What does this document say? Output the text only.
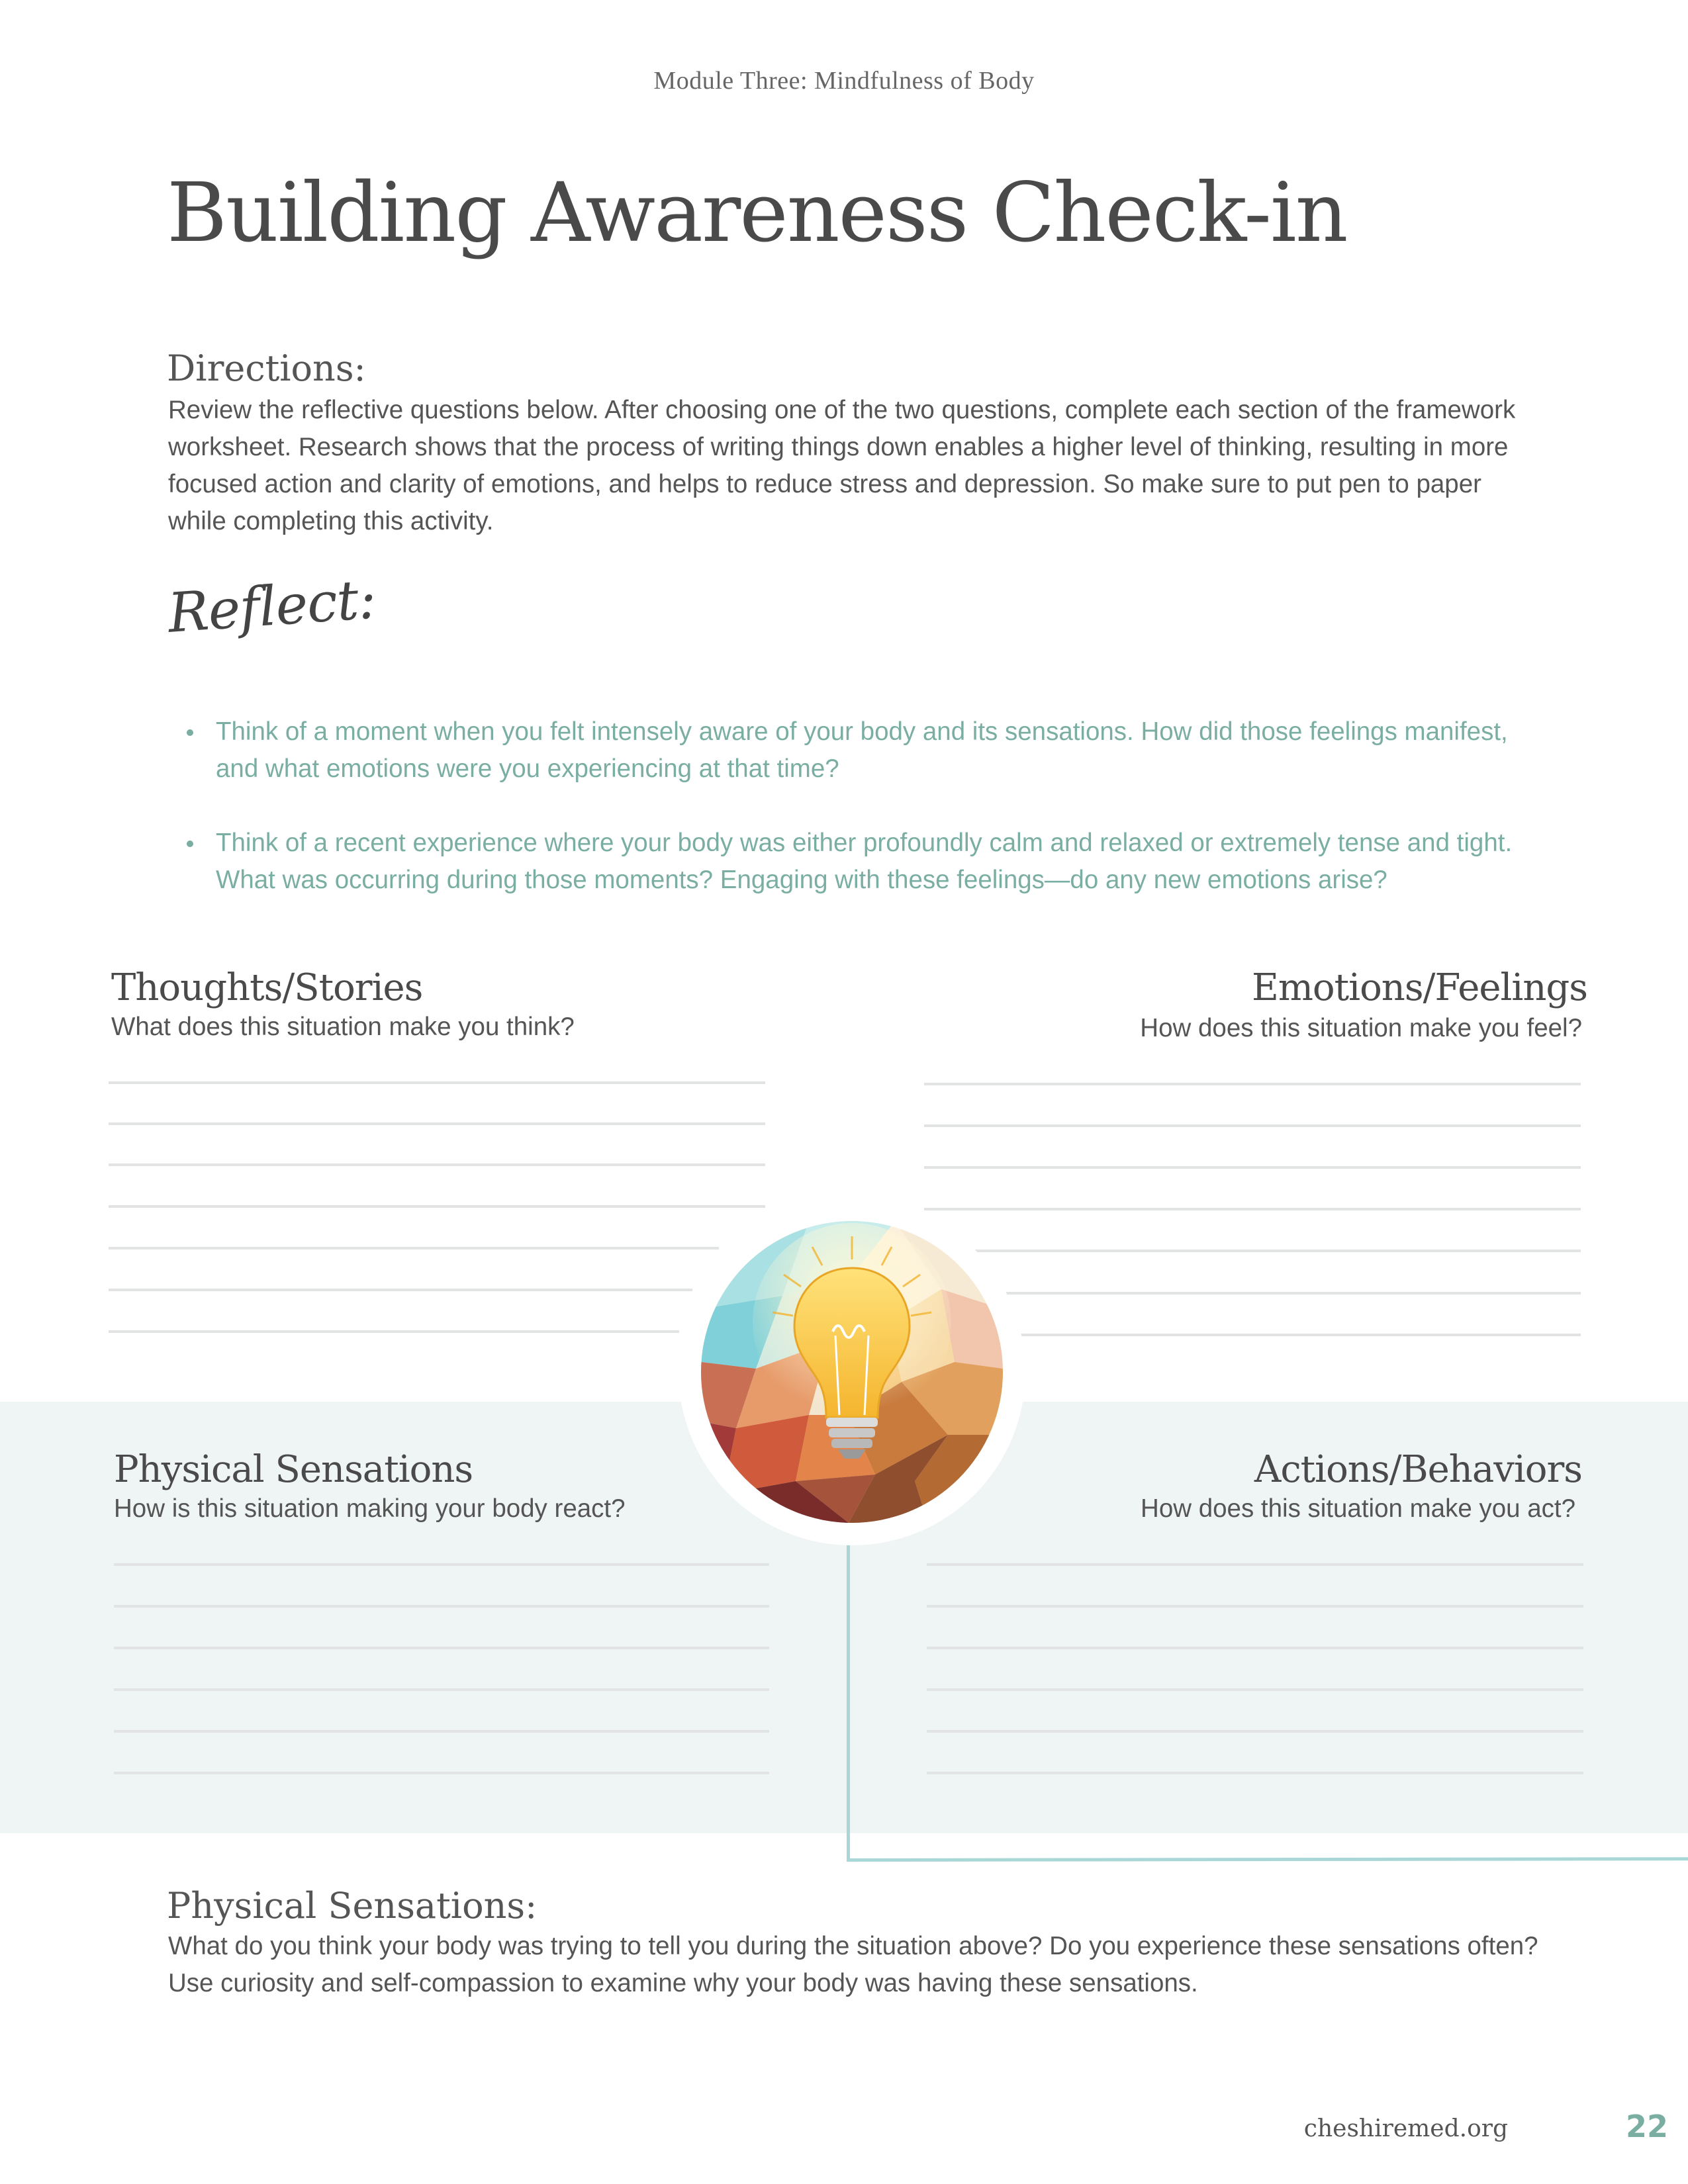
Module Three: Mindfulness of Body
Building Awareness Check-in
Directions:
Review the reflective questions below. After choosing one of the two questions, complete each section of the framework worksheet. Research shows that the process of writing things down enables a higher level of thinking, resulting in more focused action and clarity of emotions, and helps to reduce stress and depression. So make sure to put pen to paper while completing this activity.
Reflect:
Think of a moment when you felt intensely aware of your body and its sensations. How did those feelings manifest, and what emotions were you experiencing at that time?
Think of a recent experience where your body was either profoundly calm and relaxed or extremely tense and tight. What was occurring during those moments? Engaging with these feelings—do any new emotions arise?
Thoughts/Stories
What does this situation make you think?
Emotions/Feelings
How does this situation make you feel?
Physical Sensations
How is this situation making your body react?
Actions/Behaviors
How does this situation make you act?
Physical Sensations:
What do you think your body was trying to tell you during the situation above? Do you experience these sensations often? Use curiosity and self-compassion to examine why your body was having these sensations.
cheshiremed.org	22
